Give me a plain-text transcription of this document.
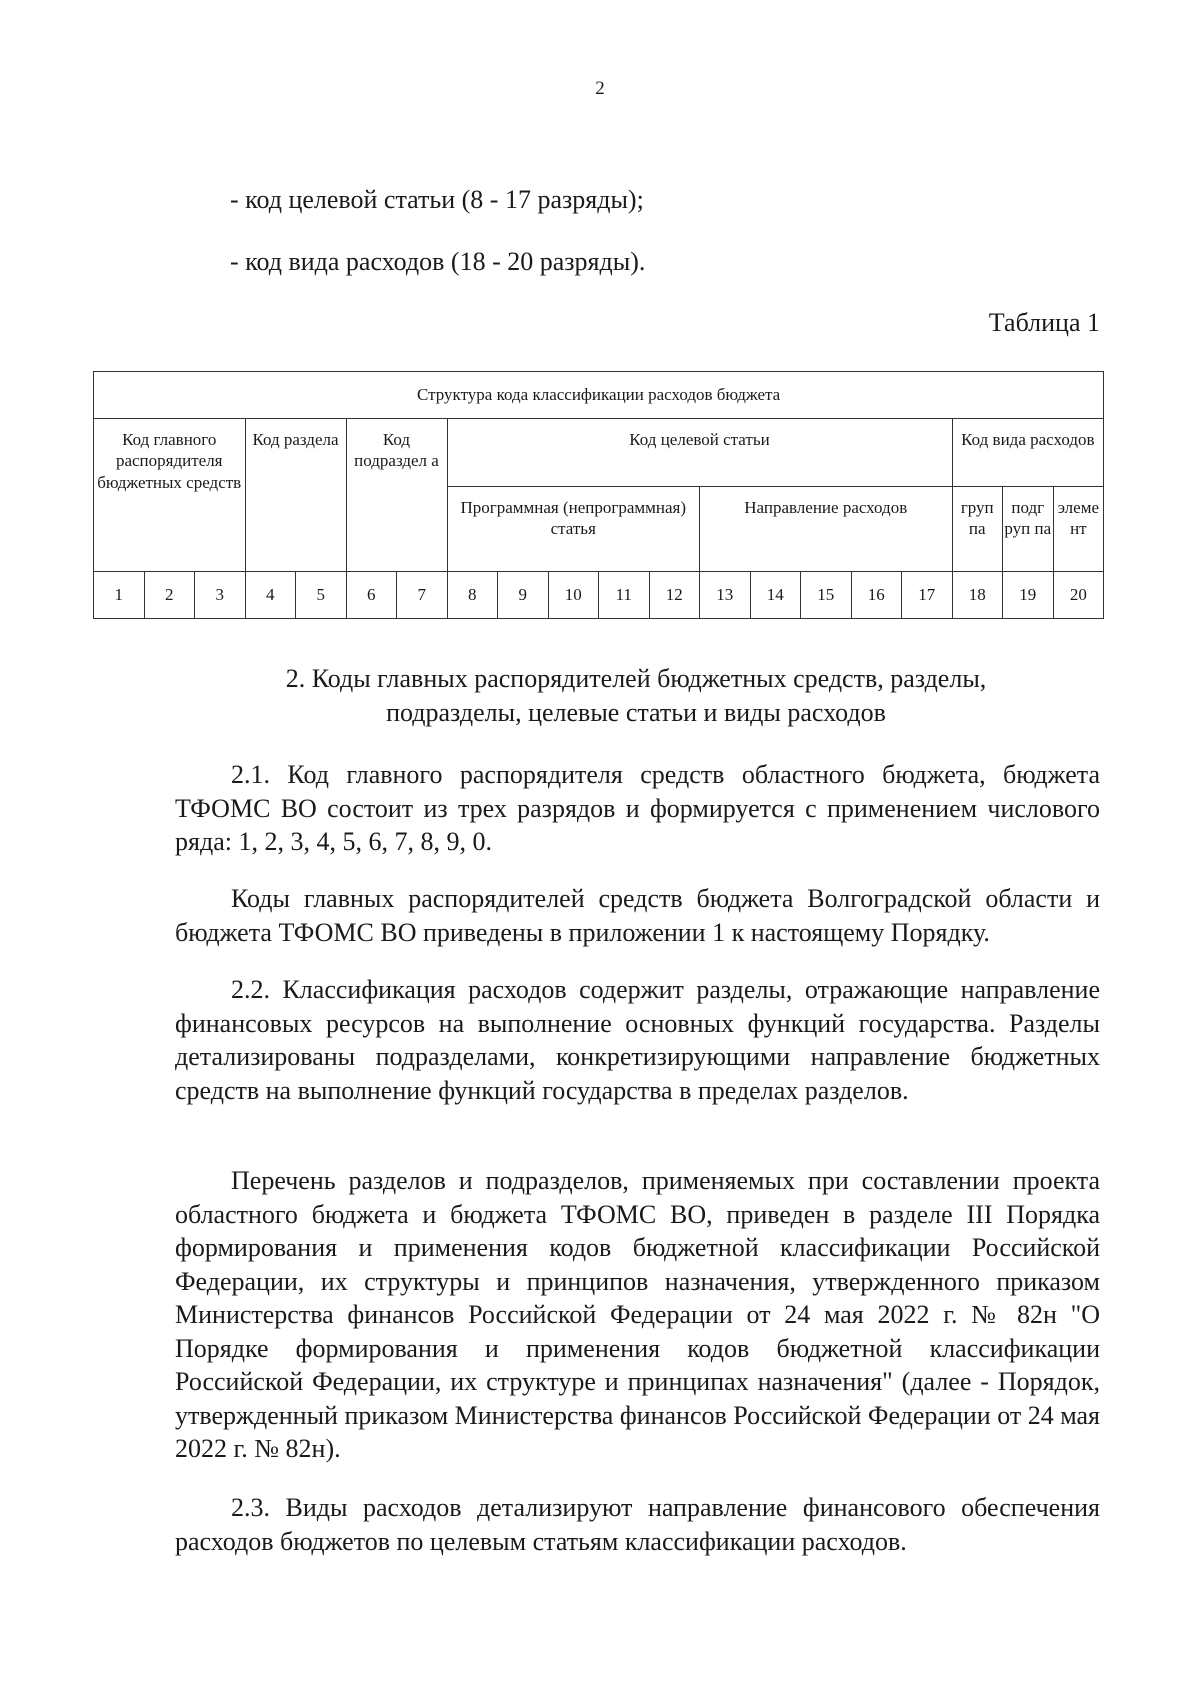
2
- код целевой статьи (8 - 17 разряды);
- код вида расходов (18 - 20 разряды).
Таблица 1
Структура кода классификации расходов бюджета																			
Код главного распорядителя бюджетных средств			Код раздела		Код подраздел а		Код целевой статьи										Код вида расходов		
							Программная (непрограммная) статья					Направление расходов					груп па	подг руп па	элеме нт
1	2	3	4	5	6	7	8	9	10	11	12	13	14	15	16	17	18	19	20
2. Коды главных распорядителей бюджетных средств, разделы,
подразделы, целевые статьи и виды расходов
2.1. Код главного распорядителя средств областного бюджета, бюджета ТФОМС ВО состоит из трех разрядов и формируется с применением числового ряда: 1, 2, 3, 4, 5, 6, 7, 8, 9, 0.
Коды главных распорядителей средств бюджета Волгоградской области и бюджета ТФОМС ВО приведены в приложении 1 к настоящему Порядку.
2.2. Классификация расходов содержит разделы, отражающие направление финансовых ресурсов на выполнение основных функций государства. Разделы детализированы подразделами, конкретизирующими направление бюджетных средств на выполнение функций государства в пределах разделов.
Перечень разделов и подразделов, применяемых при составлении проекта областного бюджета и бюджета ТФОМС ВО, приведен в разделе III Порядка формирования и применения кодов бюджетной классификации Российской Федерации, их структуры и принципов назначения, утвержденного приказом Министерства финансов Российской Федерации от 24 мая 2022 г. № 82н "О Порядке формирования и применения кодов бюджетной классификации Российской Федерации, их структуре и принципах назначения" (далее - Порядок, утвержденный приказом Министерства финансов Российской Федерации от 24 мая 2022 г. № 82н).
2.3. Виды расходов детализируют направление финансового обеспечения расходов бюджетов по целевым статьям классификации расходов.
